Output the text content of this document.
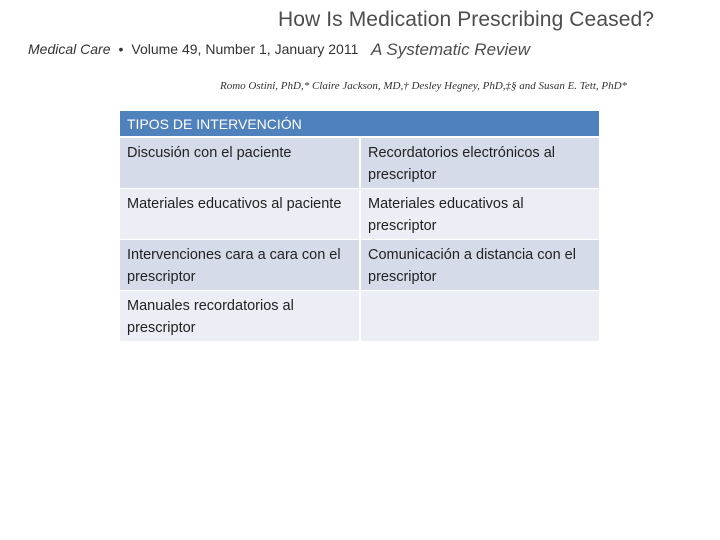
How Is Medication Prescribing Ceased?
Medical Care • Volume 49, Number 1, January 2011 A Systematic Review
Romo Ostini, PhD,* Claire Jackson, MD,† Desley Hegney, PhD,‡§ and Susan E. Tett, PhD*
TIPOS DE INTERVENCIÓN
Discusión con el paciente	Recordatorios electrónicos al prescriptor
Materiales educativos al paciente	Materiales educativos al prescriptor
Intervenciones cara a cara con el prescriptor
Comunicación a distancia con el prescriptor
Manuales recordatorios al prescriptor
